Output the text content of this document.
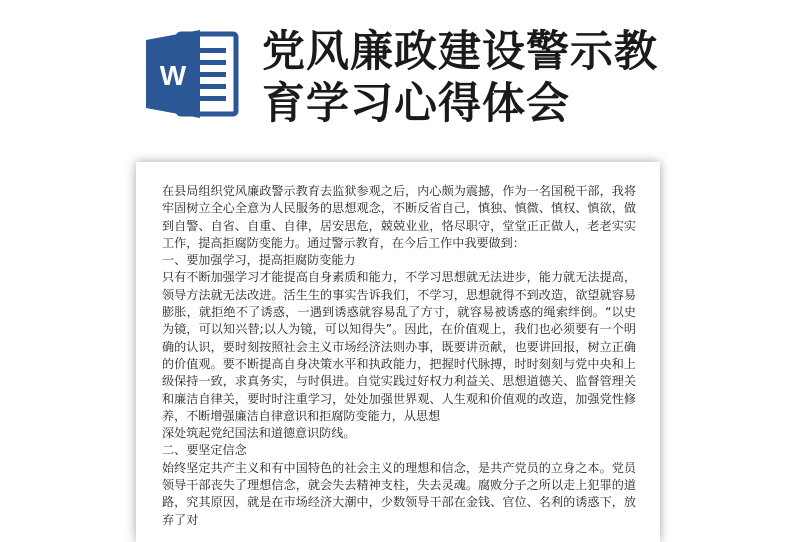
W 党风廉政建设警示教
育学习心得体会

在县局组织党风廉政警示教育去监狱参观之后，内心颇为震撼，作为一名国税干部，我将牢固树立全心全意为人民服务的思想观念，不断反省自己，慎独、慎微、慎权、慎欲，做到自警、自省、自重、自律，居安思危，兢兢业业，恪尽职守，堂堂正正做人，老老实实工作，提高拒腐防变能力。通过警示教育，在今后工作中我要做到：

一、要加强学习，提高拒腐防变能力

只有不断加强学习才能提高自身素质和能力，不学习思想就无法进步，能力就无法提高，领导方法就无法改进。活生生的事实告诉我们，不学习，思想就得不到改造，欲望就容易膨胀，就拒绝不了诱惑，一遇到诱惑就容易乱了方寸，就容易被诱惑的绳索绊倒。“以史为镜，可以知兴替;以人为镜，可以知得失”。因此，在价值观上，我们也必须要有一个明确的认识，要时刻按照社会主义市场经济法则办事，既要讲贡献，也要讲回报，树立正确的价值观。要不断提高自身决策水平和执政能力，把握时代脉搏，时时刻刻与党中央和上级保持一致，求真务实，与时俱进。自觉实践过好权力利益关、思想道德关、监督管理关和廉洁自律关，要时时注重学习，处处加强世界观、人生观和价值观的改造，加强党性修养，不断增强廉洁自律意识和拒腐防变能力，从思想

深处筑起党纪国法和道德意识防线。

二、要坚定信念

始终坚定共产主义和有中国特色的社会主义的理想和信念，是共产党员的立身之本。党员领导干部丧失了理想信念，就会失去精神支柱，失去灵魂。腐败分子之所以走上犯罪的道路，究其原因，就是在市场经济大潮中，少数领导干部在金钱、官位、名利的诱惑下，放弃了对
